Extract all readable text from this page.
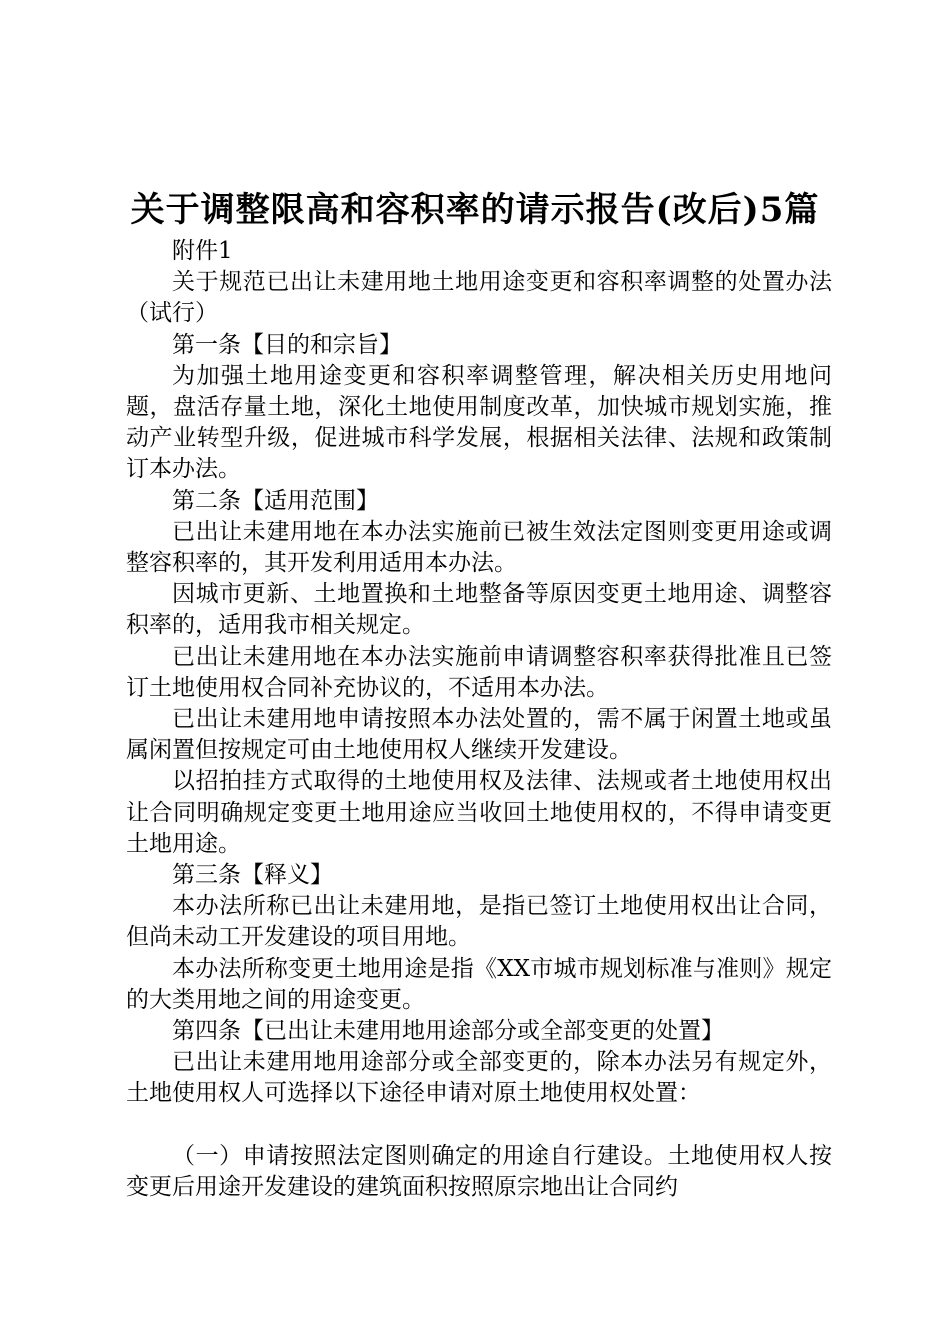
关于调整限高和容积率的请示报告(改后)5篇

附件1

关于规范已出让未建用地土地用途变更和容积率调整的处置办法（试行）

第一条【目的和宗旨】

为加强土地用途变更和容积率调整管理，解决相关历史用地问题，盘活存量土地，深化土地使用制度改革，加快城市规划实施，推动产业转型升级，促进城市科学发展，根据相关法律、法规和政策制订本办法。

第二条【适用范围】

已出让未建用地在本办法实施前已被生效法定图则变更用途或调整容积率的，其开发利用适用本办法。

因城市更新、土地置换和土地整备等原因变更土地用途、调整容积率的，适用我市相关规定。

已出让未建用地在本办法实施前申请调整容积率获得批准且已签订土地使用权合同补充协议的，不适用本办法。

已出让未建用地申请按照本办法处置的，需不属于闲置土地或虽属闲置但按规定可由土地使用权人继续开发建设。

以招拍挂方式取得的土地使用权及法律、法规或者土地使用权出让合同明确规定变更土地用途应当收回土地使用权的，不得申请变更土地用途。

第三条【释义】

本办法所称已出让未建用地，是指已签订土地使用权出让合同，但尚未动工开发建设的项目用地。

本办法所称变更土地用途是指《XX市城市规划标准与准则》规定的大类用地之间的用途变更。

第四条【已出让未建用地用途部分或全部变更的处置】

已出让未建用地用途部分或全部变更的，除本办法另有规定外，土地使用权人可选择以下途径申请对原土地使用权处置：

（一）申请按照法定图则确定的用途自行建设。土地使用权人按变更后用途开发建设的建筑面积按照原宗地出让合同约
